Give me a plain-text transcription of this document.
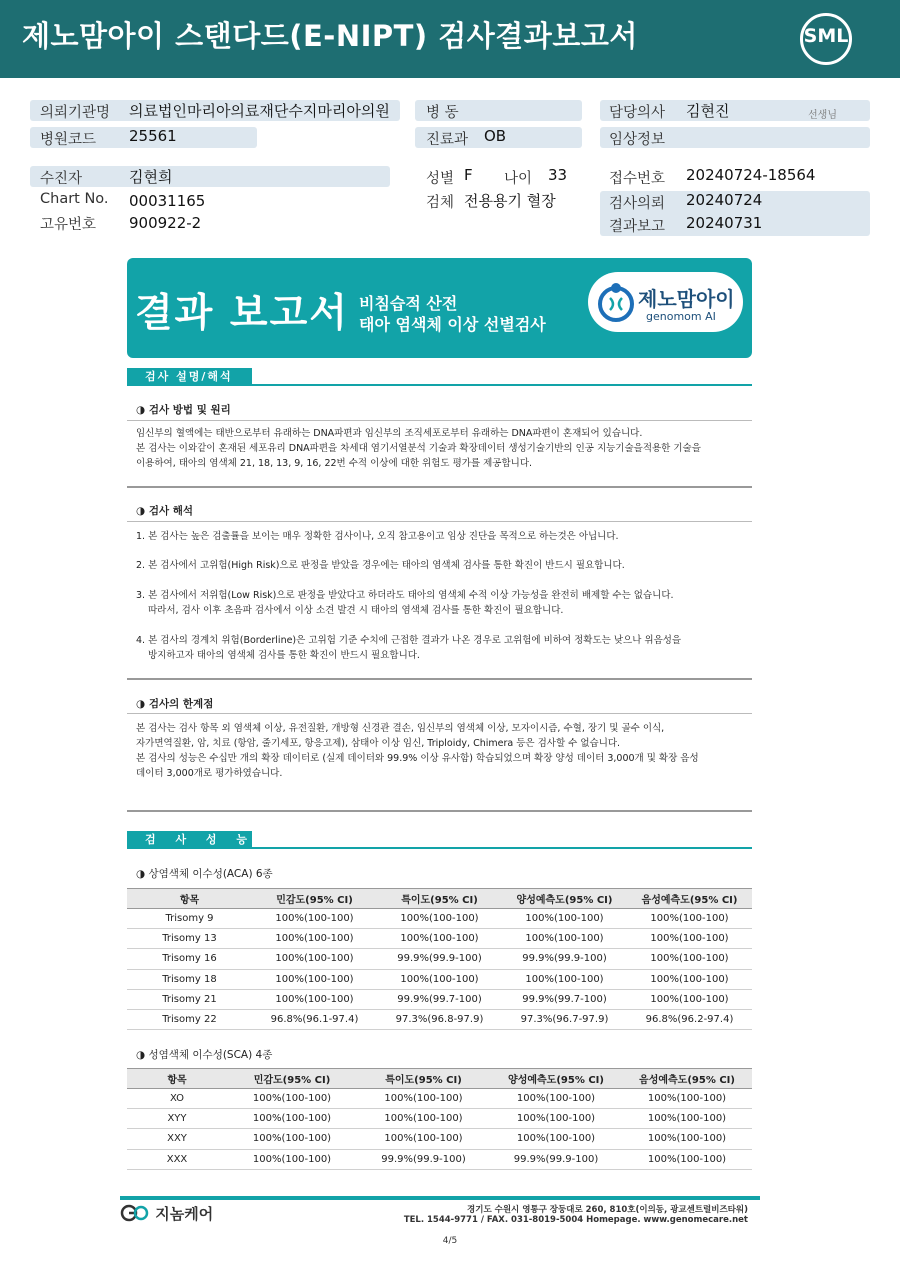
제노맘아이 스탠다드(E-NIPT) 검사결과보고서	SML
의뢰기관명 의료법인마리아의료재단수지마리아의원
병원코드 25561
병 동
진료과 OB
담당의사 김현진	선생님
임상정보
수진자	김현희
Chart No. 00031165
고유번호 900922-2
성별 F 나이 33
검체 전용용기 혈장
접수번호 20240724-18564
검사의뢰 20240724
결과보고 20240731
결과 보고서 비침습적 산전
태아 염색체 이상 선별검사
제노맘아이
genomom AI
검사 설명/해석
◑ 검사 방법 및 원리
임신부의 혈액에는 태반으로부터 유래하는 DNA파편과 임신부의 조직세포로부터 유래하는 DNA파편이 혼재되어 있습니다.
본 검사는 이와같이 혼재된 세포유리 DNA파편을 차세대 염기서열분석 기술과 확장데이터 생성기술기반의 인공 지능기술을적용한 기술을
이용하여, 태아의 염색체 21, 18, 13, 9, 16, 22번 수적 이상에 대한 위험도 평가를 제공합니다.
◑ 검사 해석
1. 본 검사는 높은 검출률을 보이는 매우 정확한 검사이나, 오직 참고용이고 임상 진단을 목적으로 하는것은 아닙니다.
2. 본 검사에서 고위험(High Risk)으로 판정을 받았을 경우에는 태아의 염색체 검사를 통한 확진이 반드시 필요합니다.
3. 본 검사에서 저위험(Low Risk)으로 판정을 받았다고 하더라도 태아의 염색체 수적 이상 가능성을 완전히 배제할 수는 없습니다.
따라서, 검사 이후 초음파 검사에서 이상 소견 발견 시 태아의 염색체 검사를 통한 확진이 필요합니다.
4. 본 검사의 경계치 위험(Borderline)은 고위험 기준 수치에 근접한 결과가 나온 경우로 고위험에 비하여 정확도는 낮으나 위음성을
방지하고자 태아의 염색체 검사를 통한 확진이 반드시 필요합니다.
◑ 검사의 한계점
본 검사는 검사 항목 외 염색체 이상, 유전질환, 개방형 신경관 결손, 임신부의 염색체 이상, 모자이시즘, 수혈, 장기 및 골수 이식,
자가면역질환, 암, 치료 (항암, 줄기세포, 항응고제), 삼태아 이상 임신, Triploidy, Chimera 등은 검사할 수 없습니다.
본 검사의 성능은 수십만 개의 확장 데이터로 (실제 데이터와 99.9% 이상 유사함) 학습되었으며 확장 양성 데이터 3,000개 및 확장 음성
데이터 3,000개로 평가하였습니다.
검 사 성 능
◑ 상염색체 이수성(ACA) 6종
항목	민감도(95% CI)	특이도(95% CI)	양성예측도(95% CI)	음성예측도(95% CI)
Trisomy 9	100%(100-100)	100%(100-100)	100%(100-100)	100%(100-100)
Trisomy 13	100%(100-100)	100%(100-100)	100%(100-100)	100%(100-100)
Trisomy 16	100%(100-100)	99.9%(99.9-100)	99.9%(99.9-100)	100%(100-100)
Trisomy 18	100%(100-100)	100%(100-100)	100%(100-100)	100%(100-100)
Trisomy 21	100%(100-100)	99.9%(99.7-100)	99.9%(99.7-100)	100%(100-100)
Trisomy 22	96.8%(96.1-97.4)	97.3%(96.8-97.9)	97.3%(96.7-97.9)	96.8%(96.2-97.4)
◑ 성염색체 이수성(SCA) 4종
항목	민감도(95% CI)	특이도(95% CI)	양성예측도(95% CI)	음성예측도(95% CI)
XO	100%(100-100)	100%(100-100)	100%(100-100)	100%(100-100)
XYY	100%(100-100)	100%(100-100)	100%(100-100)	100%(100-100)
XXY	100%(100-100)	100%(100-100)	100%(100-100)	100%(100-100)
XXX	100%(100-100)	99.9%(99.9-100)	99.9%(99.9-100)	100%(100-100)
지놈케어	경기도 수원시 영통구 장둥대로 260, 810호(이의동, 광교센트럴비즈타워)
TEL. 1544-9771 / FAX. 031-8019-5004 Homepage. www.genomecare.net
4/5
